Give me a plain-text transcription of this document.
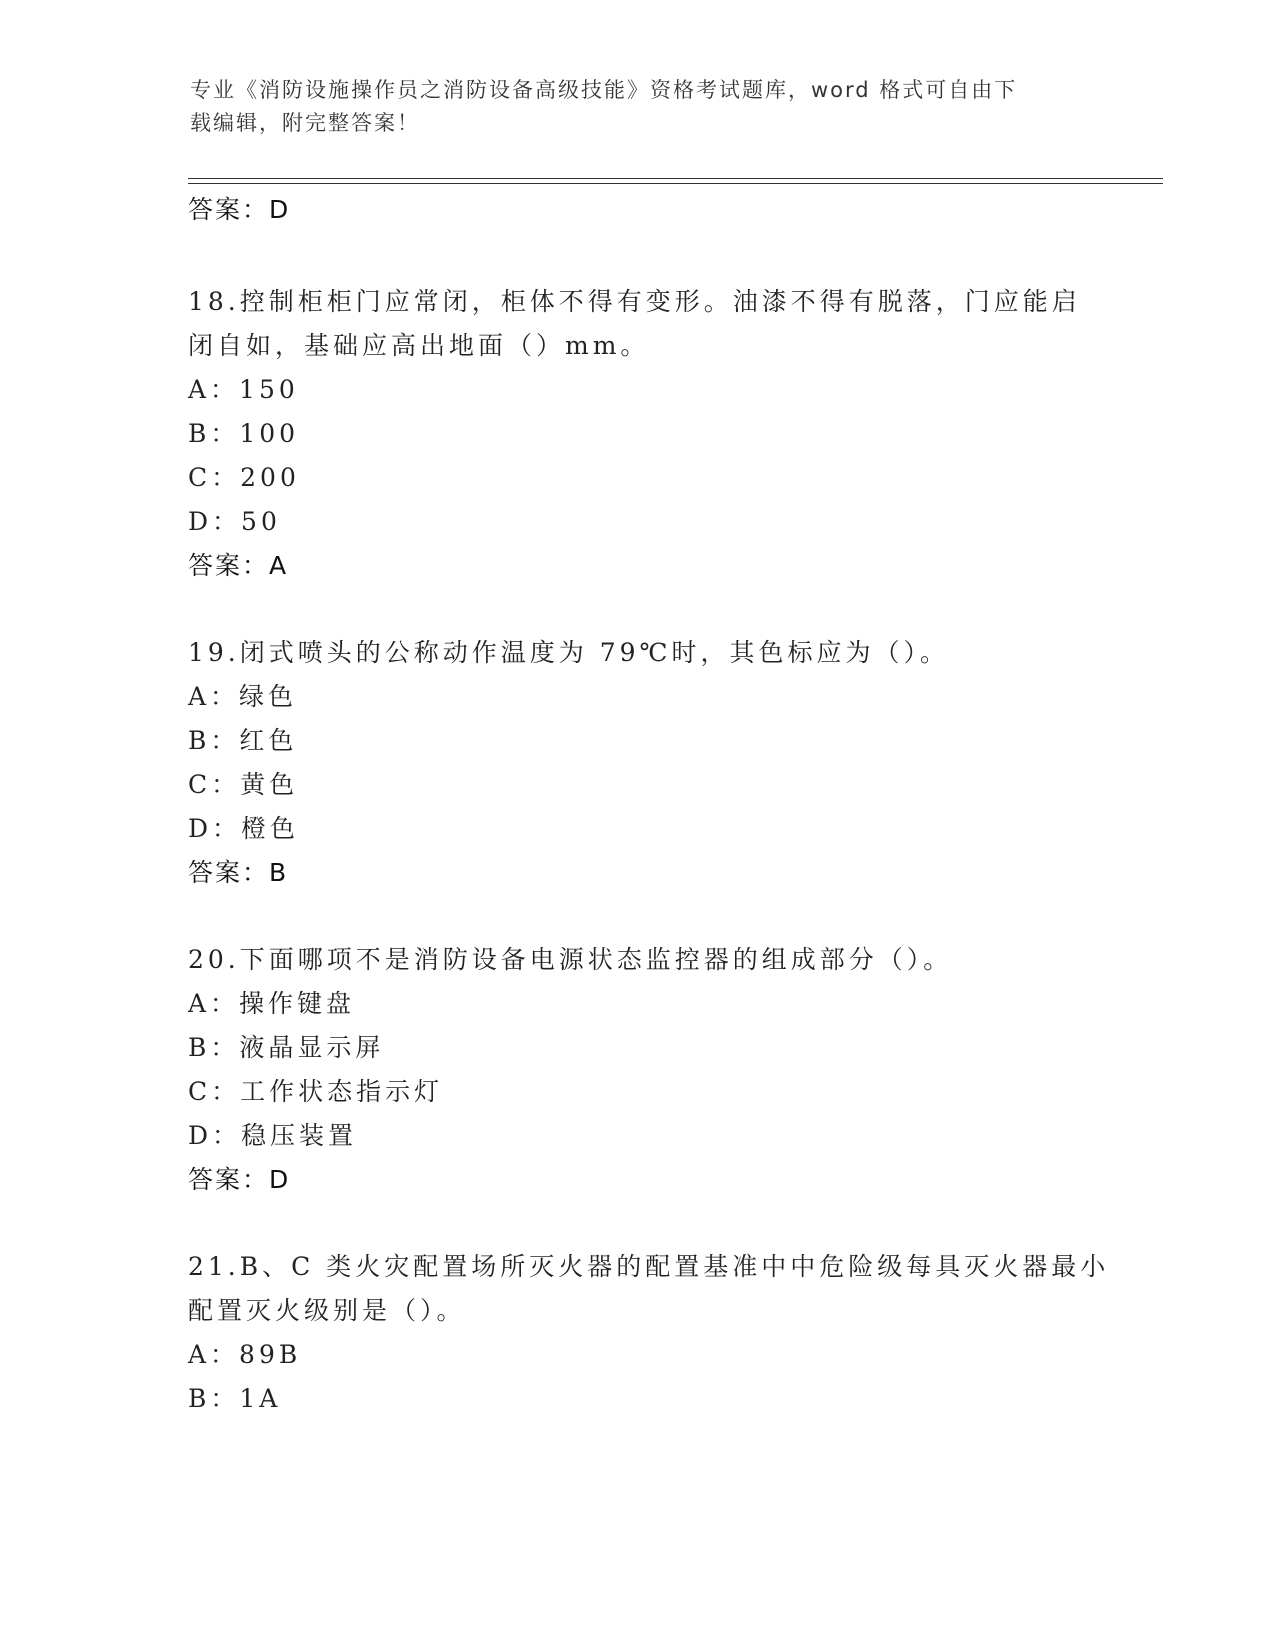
专业《消防设施操作员之消防设备高级技能》资格考试题库，word 格式可自由下
载编辑，附完整答案！
答案：D
18.控制柜柜门应常闭，柜体不得有变形。油漆不得有脱落，门应能启
闭自如，基础应高出地面（）mm。
A：150
B：100
C：200
D：50
答案：A
19.闭式喷头的公称动作温度为 79℃时，其色标应为（）。
A：绿色
B：红色
C：黄色
D：橙色
答案：B
20.下面哪项不是消防设备电源状态监控器的组成部分（）。
A：操作键盘
B：液晶显示屏
C：工作状态指示灯
D：稳压装置
答案：D
21.B、C 类火灾配置场所灭火器的配置基准中中危险级每具灭火器最小
配置灭火级别是（）。
A：89B
B：1A
